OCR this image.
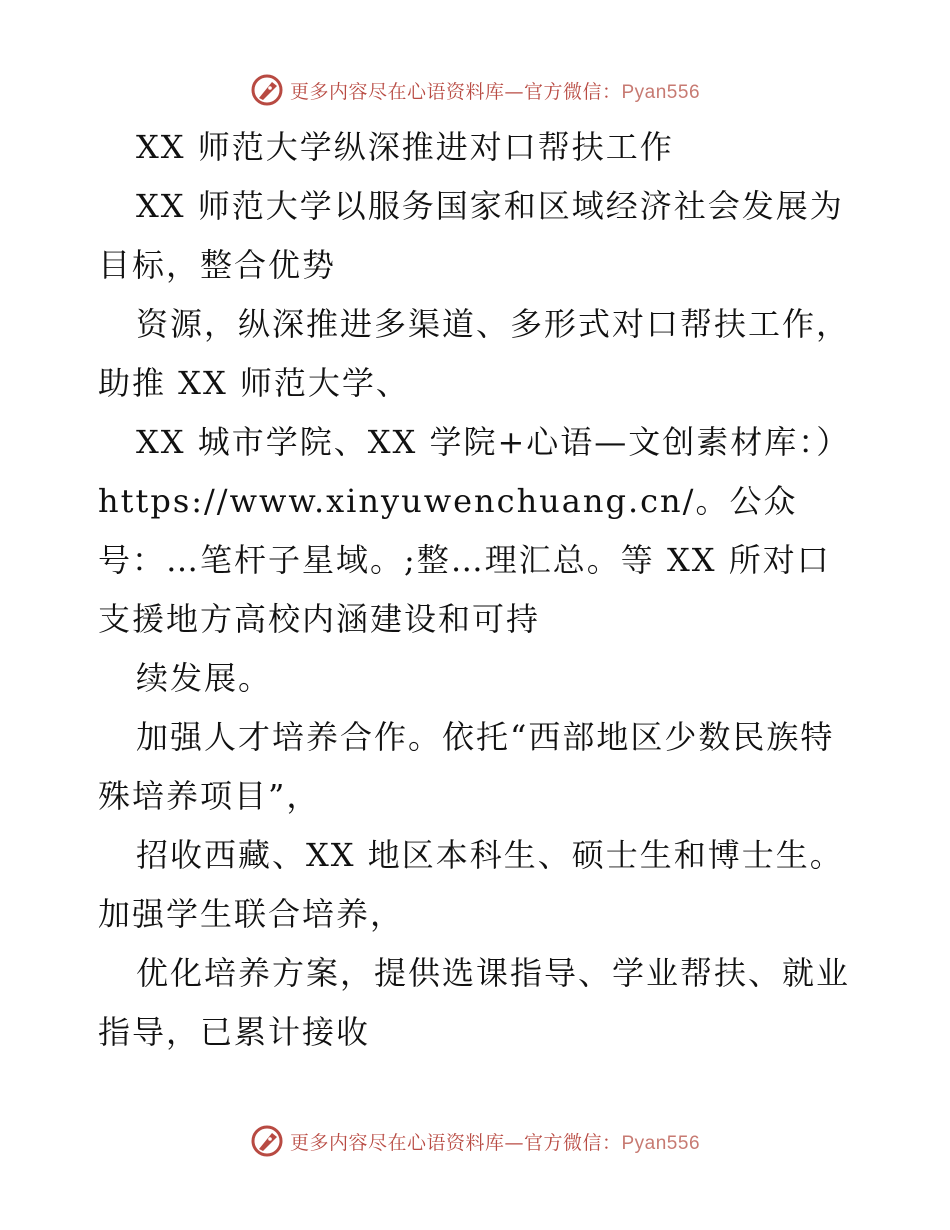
更多内容尽在心语资料库—官方微信：Pyan556

XX 师范大学纵深推进对口帮扶工作

XX 师范大学以服务国家和区域经济社会发展为目标，整合优势

资源，纵深推进多渠道、多形式对口帮扶工作，助推 XX 师范大学、

XX 城市学院、XX 学院+心语—文创素材库：）https://www.xinyuwenchuang.cn/。公众号：…笔杆子星域。;整…理汇总。等 XX 所对口支援地方高校内涵建设和可持

续发展。

加强人才培养合作。依托“西部地区少数民族特殊培养项目”，

招收西藏、XX 地区本科生、硕士生和博士生。加强学生联合培养，

优化培养方案，提供选课指导、学业帮扶、就业指导，已累计接收

更多内容尽在心语资料库—官方微信：Pyan556
